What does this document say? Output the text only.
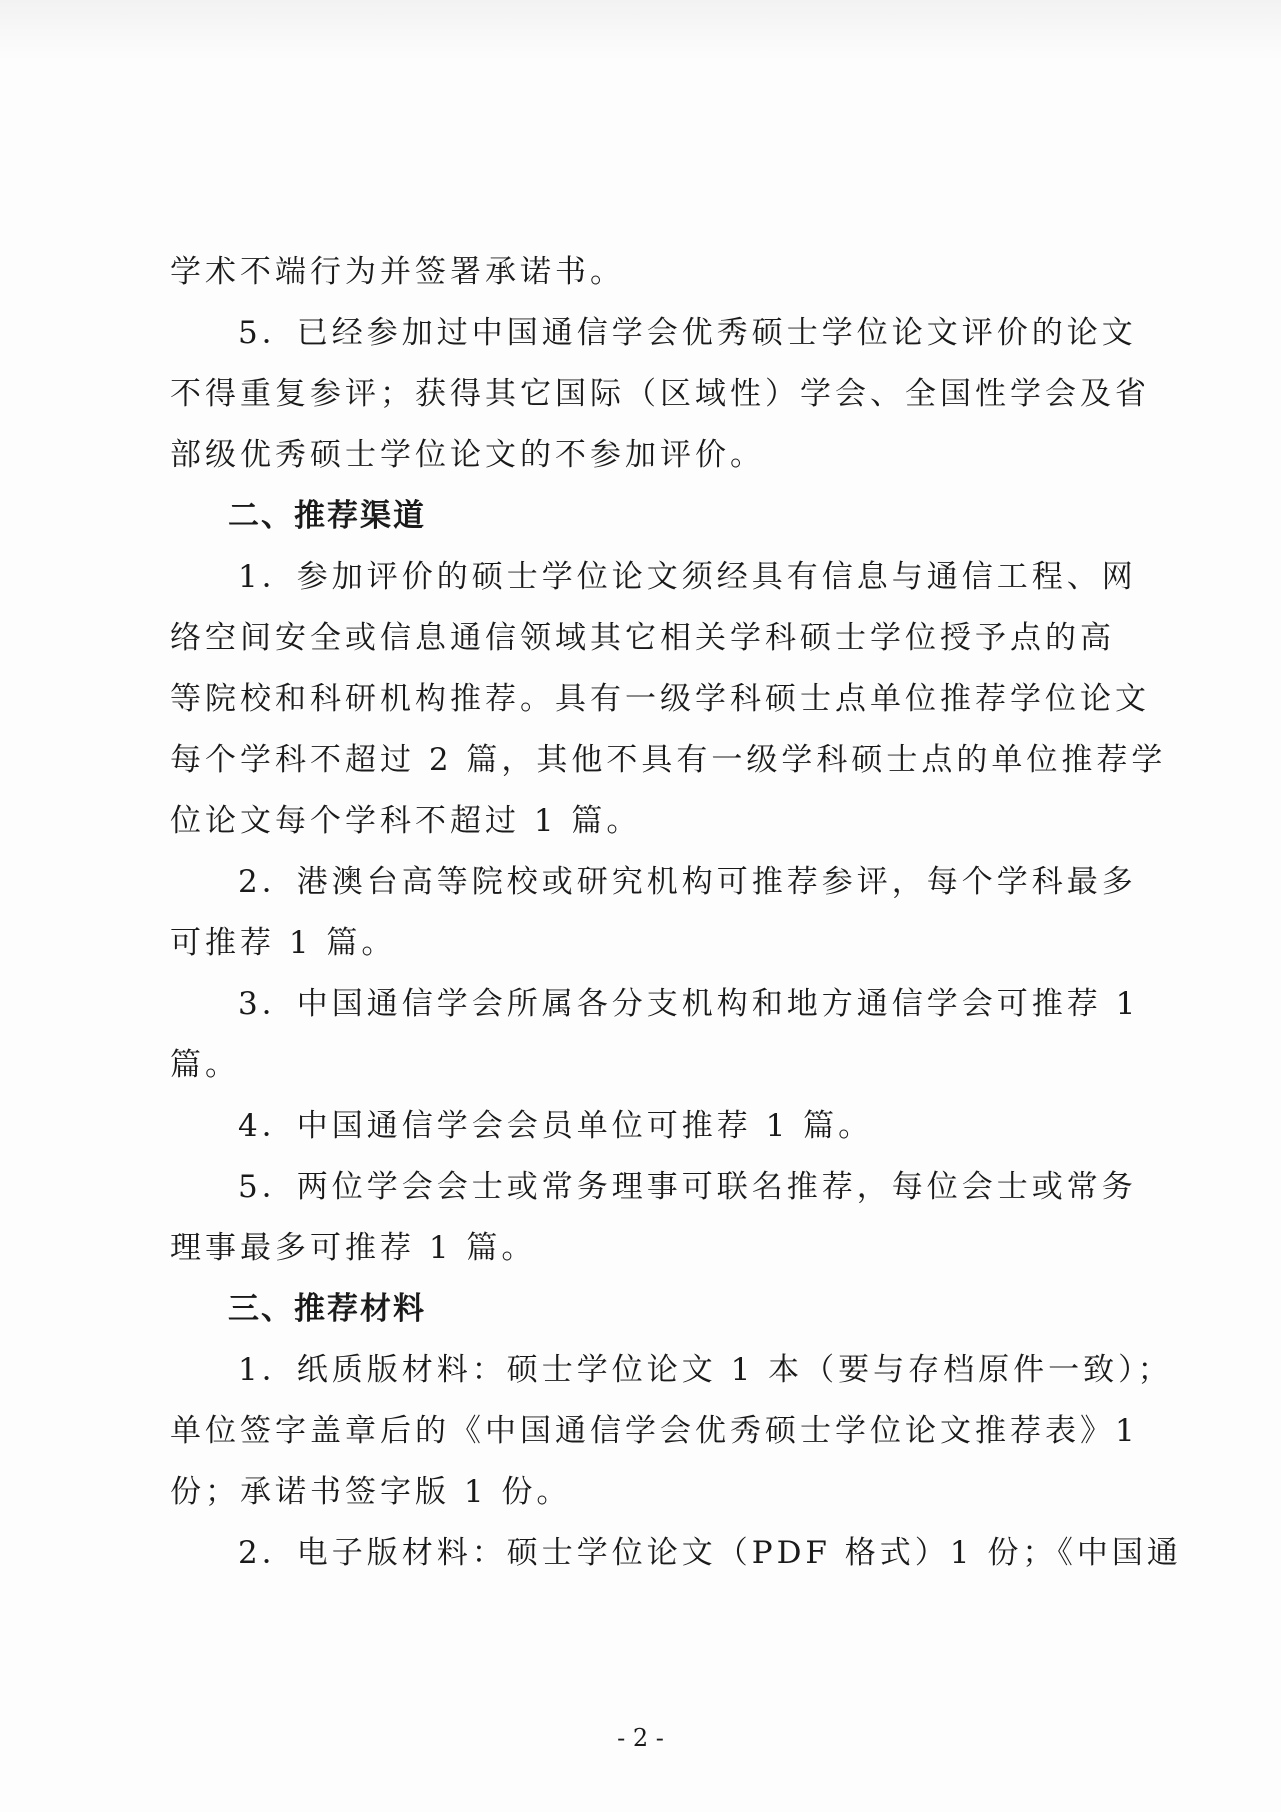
学术不端行为并签署承诺书。
5．已经参加过中国通信学会优秀硕士学位论文评价的论文
不得重复参评；获得其它国际（区域性）学会、全国性学会及省
部级优秀硕士学位论文的不参加评价。
二、推荐渠道
1．参加评价的硕士学位论文须经具有信息与通信工程、网
络空间安全或信息通信领域其它相关学科硕士学位授予点的高
等院校和科研机构推荐。具有一级学科硕士点单位推荐学位论文
每个学科不超过 2 篇，其他不具有一级学科硕士点的单位推荐学
位论文每个学科不超过 1 篇。
2．港澳台高等院校或研究机构可推荐参评，每个学科最多
可推荐 1 篇。
3．中国通信学会所属各分支机构和地方通信学会可推荐 1
篇。
4．中国通信学会会员单位可推荐 1 篇。
5．两位学会会士或常务理事可联名推荐，每位会士或常务
理事最多可推荐 1 篇。
三、推荐材料
1．纸质版材料：硕士学位论文 1 本（要与存档原件一致）；
单位签字盖章后的《中国通信学会优秀硕士学位论文推荐表》1
份；承诺书签字版 1 份。
2．电子版材料：硕士学位论文（PDF 格式）1 份；《中国通
- 2 -
